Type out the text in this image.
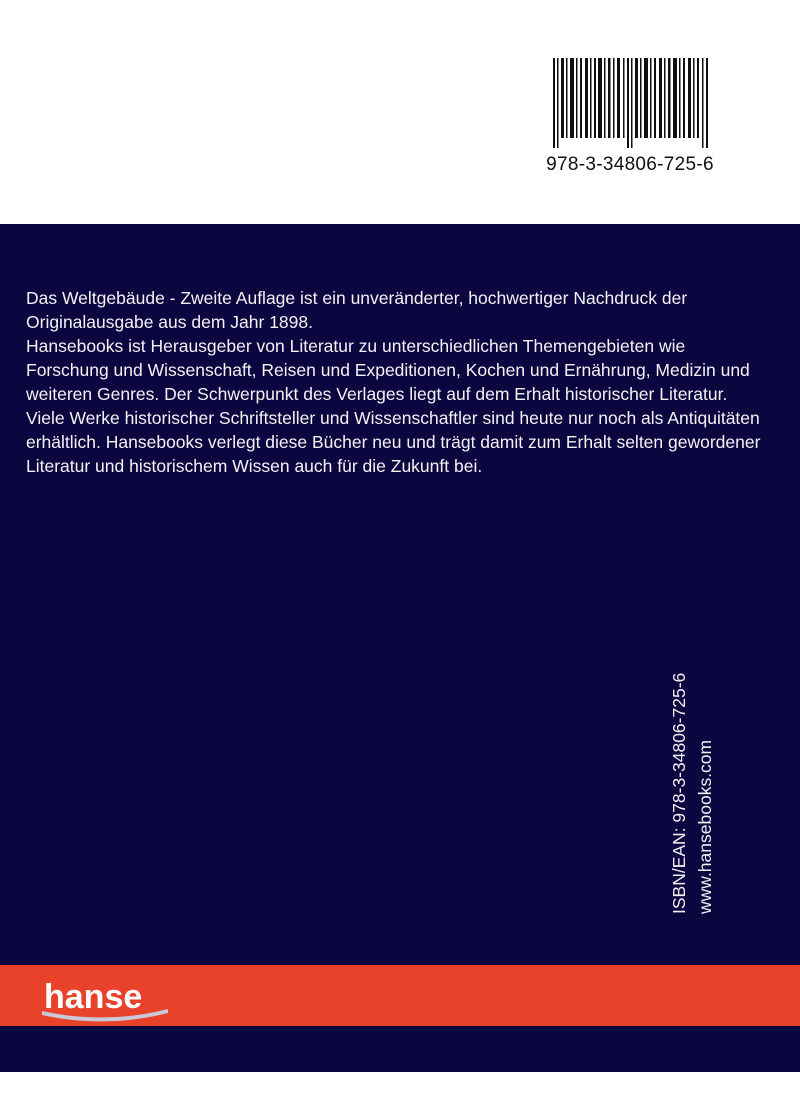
978-3-34806-725-6

Das Weltgebäude - Zweite Auflage ist ein unveränderter, hochwertiger Nachdruck der Originalausgabe aus dem Jahr 1898.

Hansebooks ist Herausgeber von Literatur zu unterschiedlichen Themengebieten wie Forschung und Wissenschaft, Reisen und Expeditionen, Kochen und Ernährung, Medizin und weiteren Genres. Der Schwerpunkt des Verlages liegt auf dem Erhalt historischer Literatur. Viele Werke historischer Schriftsteller und Wissenschaftler sind heute nur noch als Antiquitäten erhältlich. Hansebooks verlegt diese Bücher neu und trägt damit zum Erhalt selten gewordener Literatur und historischem Wissen auch für die Zukunft bei.

ISBN/EAN: 978-3-34806-725-6 www.hansebooks.com
hanse
